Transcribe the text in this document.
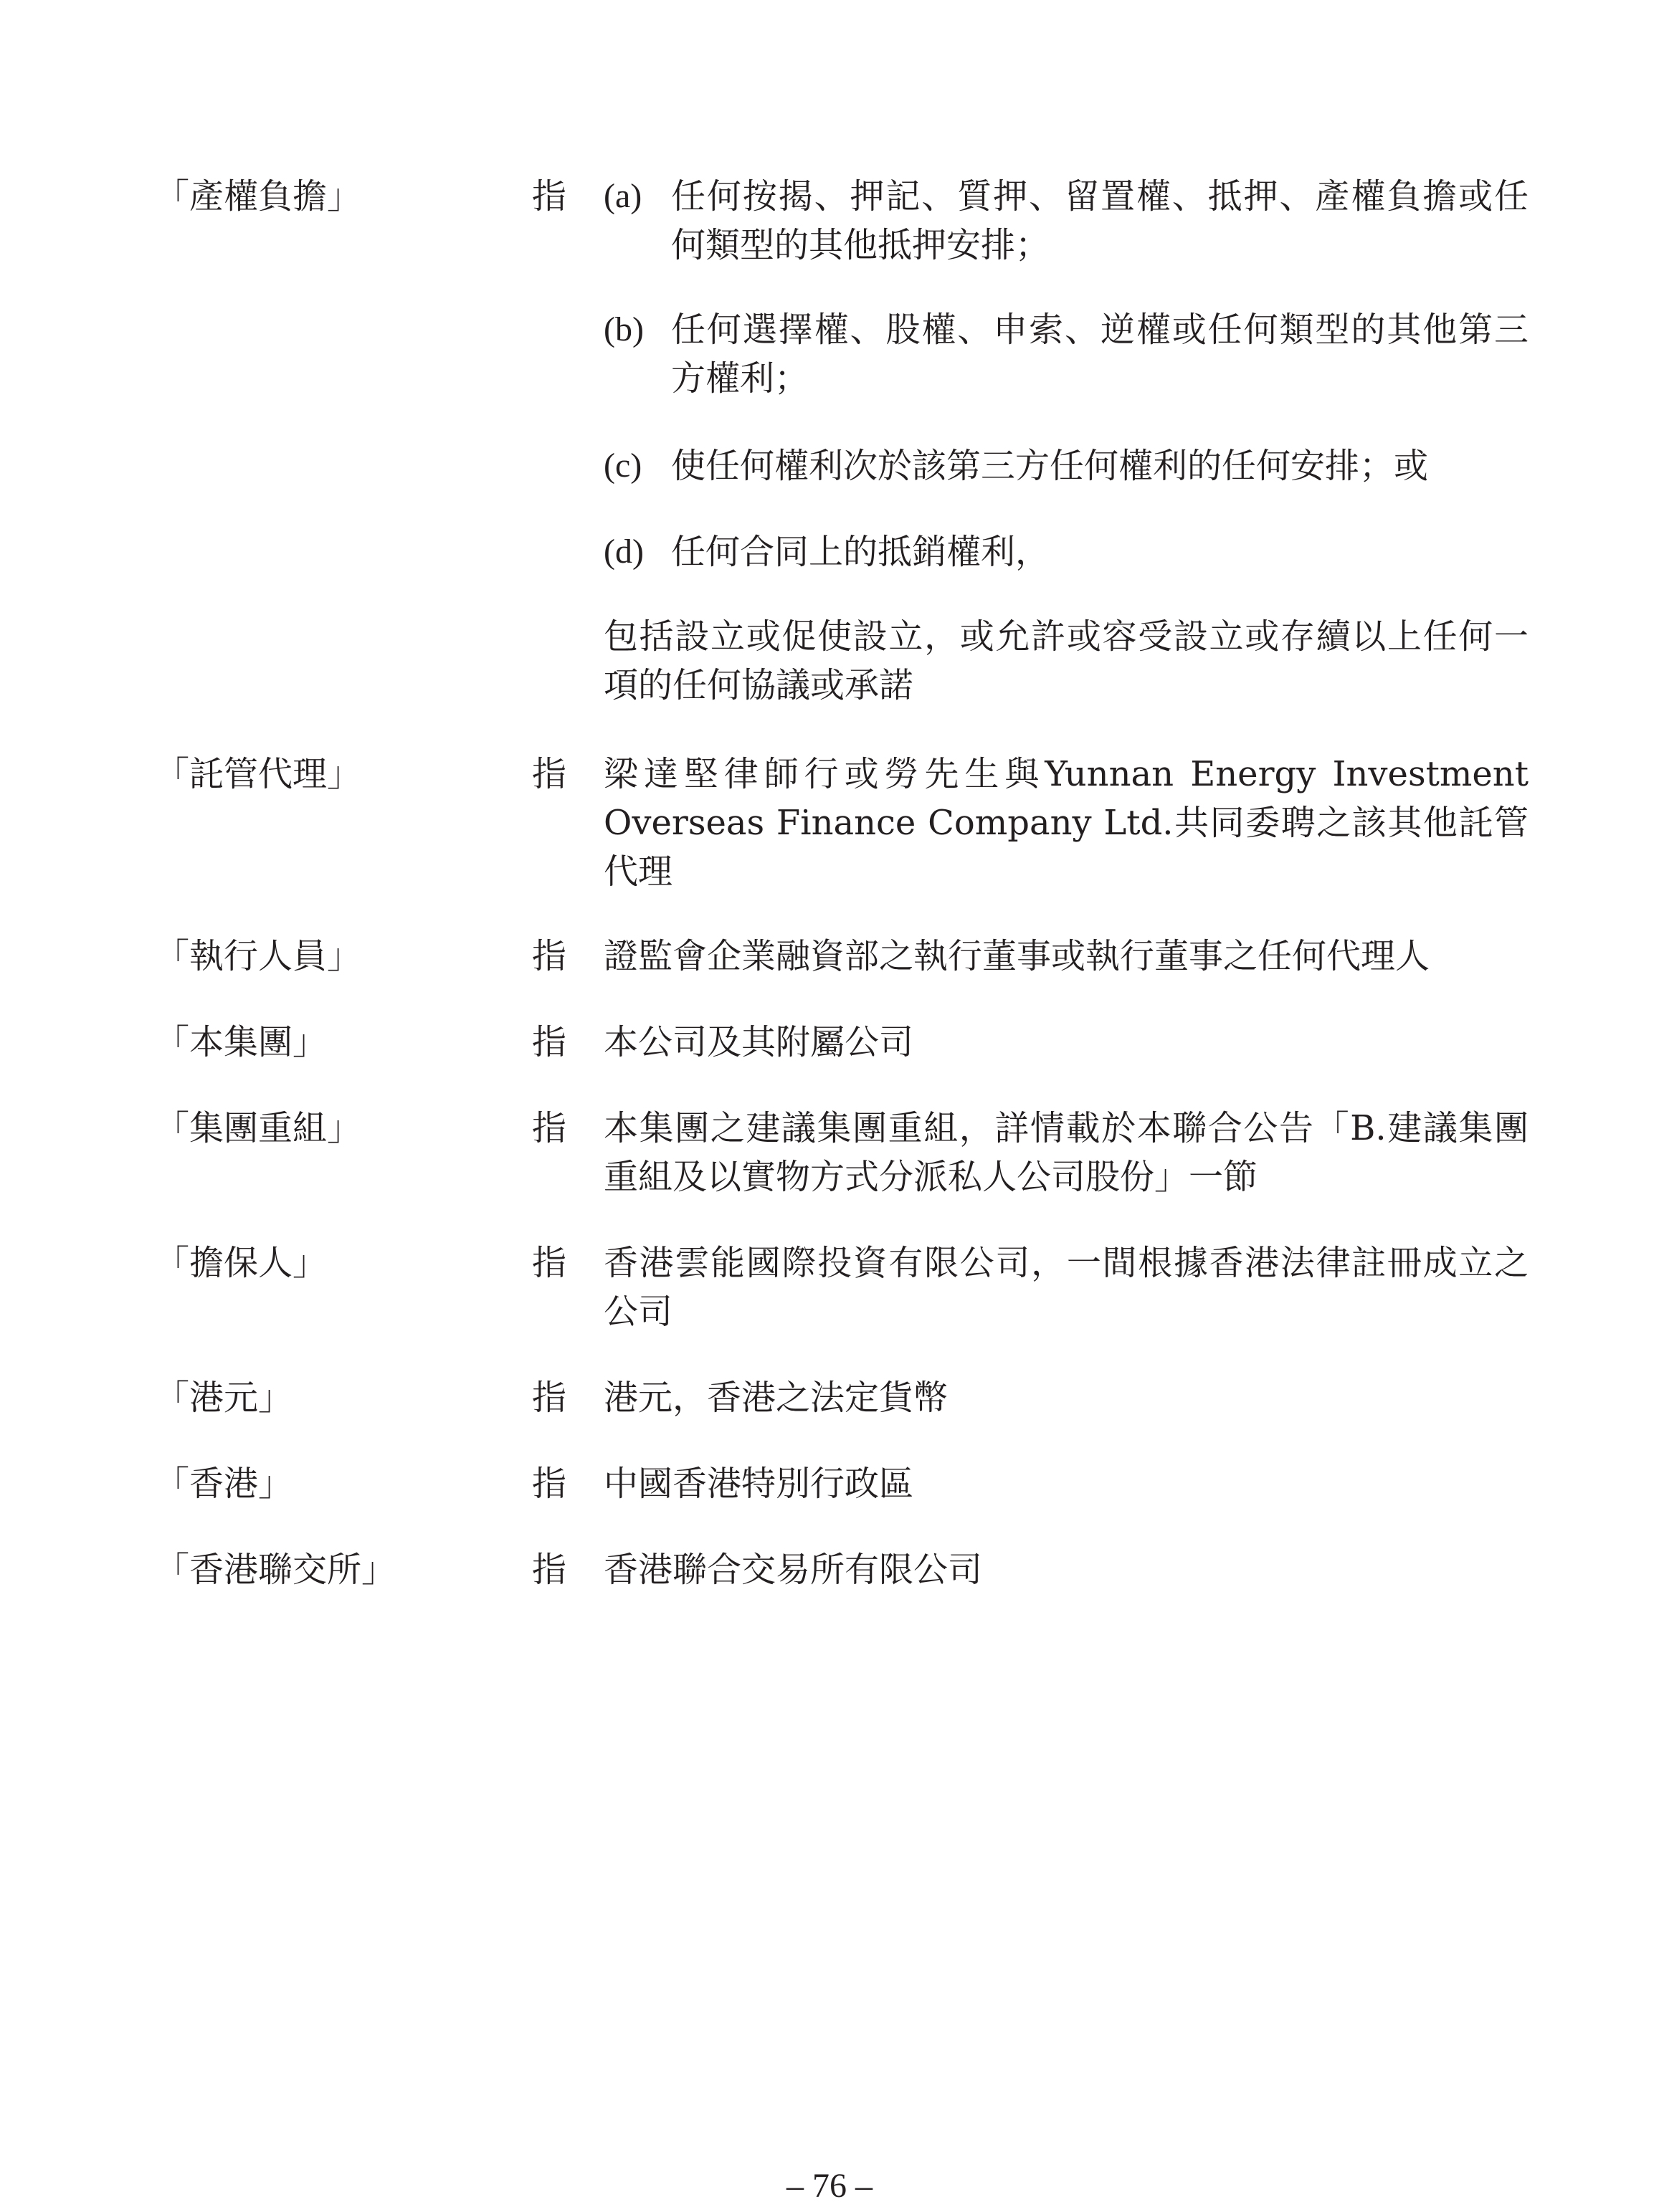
「產權負擔」	指 (a) 任何按揭、押記、質押、留置權、抵押、產權負擔或任何類型的其他抵押安排；
(b) 任何選擇權、股權、申索、逆權或任何類型的其他第三方權利；
(c) 使任何權利次於該第三方任何權利的任何安排；或
(d) 任何合同上的抵銷權利，
包括設立或促使設立，或允許或容受設立或存續以上任何一項的任何協議或承諾
「託管代理」	指 梁達堅律師行或勞先生與Yunnan Energy Investment Overseas Finance Company Ltd.共同委聘之該其他託管代理
「執行人員」	指 證監會企業融資部之執行董事或執行董事之任何代理人
「本集團」	指 本公司及其附屬公司
「集團重組」	指 本集團之建議集團重組，詳情載於本聯合公告「B.建議集團重組及以實物方式分派私人公司股份」一節
「擔保人」	指 香港雲能國際投資有限公司，一間根據香港法律註冊成立之公司
「港元」	指 港元，香港之法定貨幣
「香港」	指 中國香港特別行政區
「香港聯交所」	指 香港聯合交易所有限公司
– 76 –
